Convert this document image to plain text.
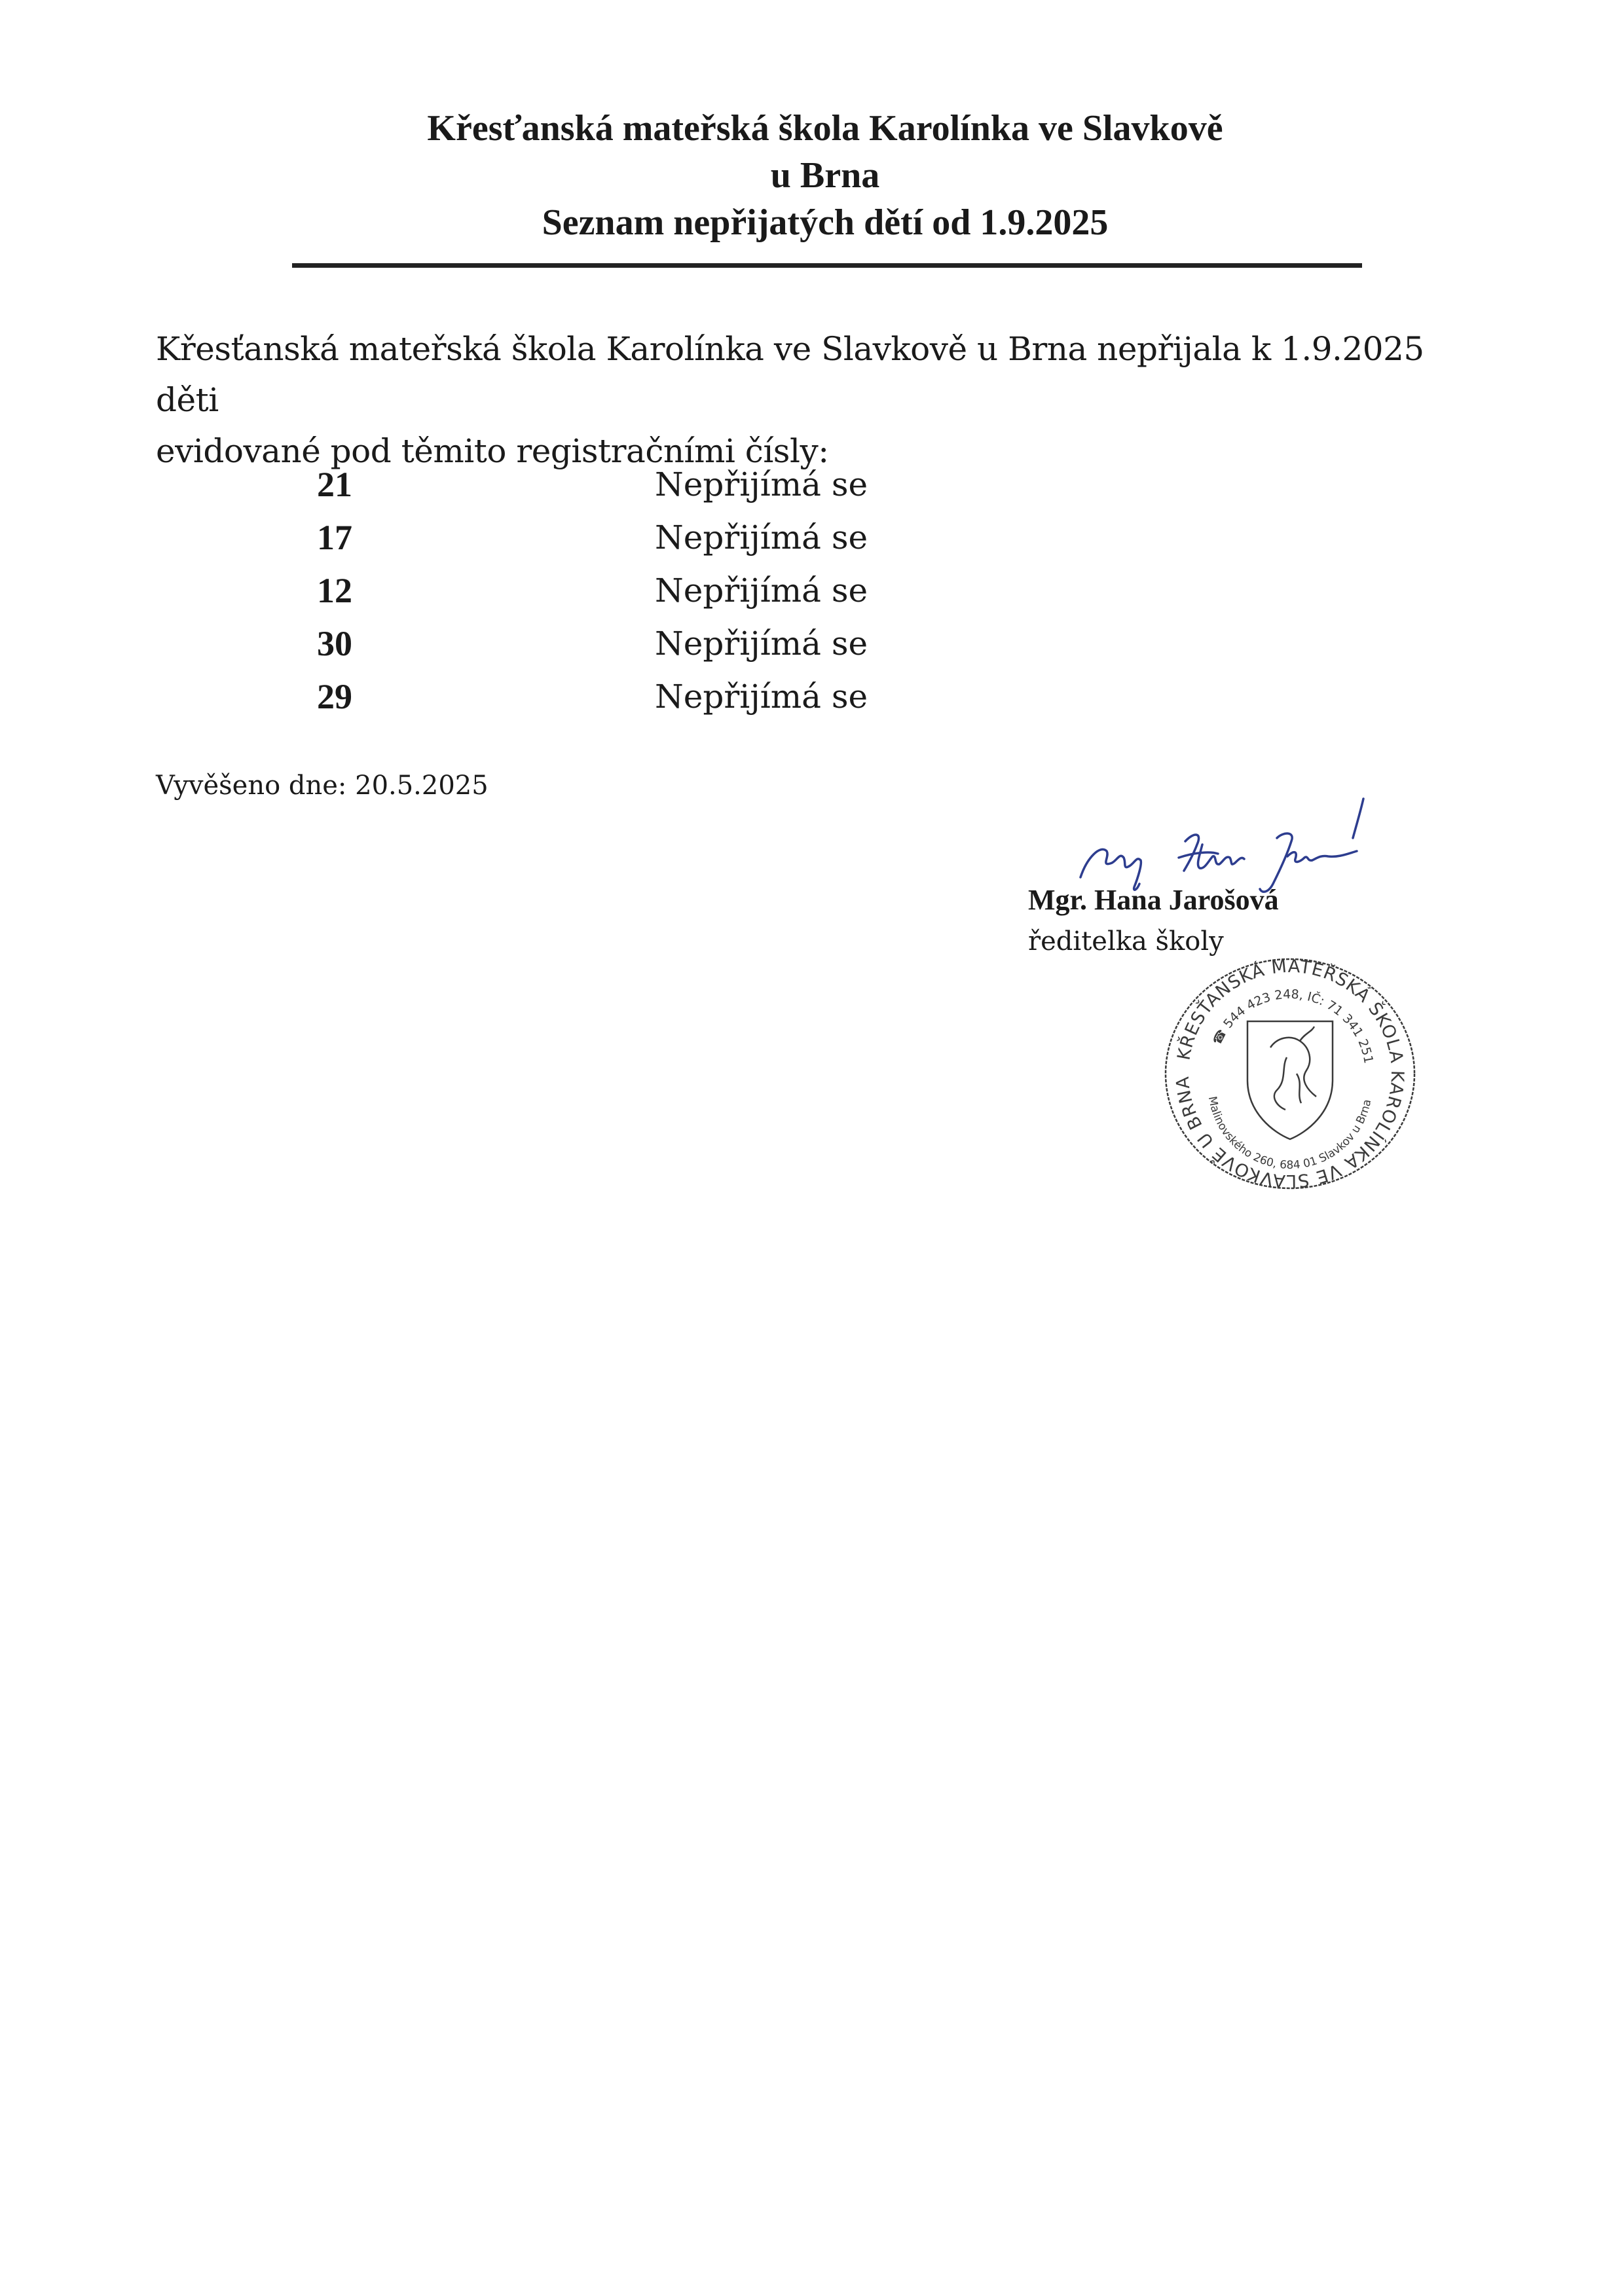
Křesťanská mateřská škola Karolínka ve Slavkově
u Brna
Seznam nepřijatých dětí od 1.9.2025
Křesťanská mateřská škola Karolínka ve Slavkově u Brna nepřijala k 1.9.2025 děti
evidované pod těmito registračními čísly:
21	Nepřijímá se
17	Nepřijímá se
12	Nepřijímá se
30	Nepřijímá se
29	Nepřijímá se
Vyvěšeno dne: 20.5.2025
Mgr. Hana Jarošová
ředitelka školy
KŘESŤANSKÁ MATEŘSKÁ ŠKOLA KAROLÍNKA VE SLAVKOVĚ U BRNA
☎ 544 423 248, IČ: 71 341 251
Malinovského 260, 684 01 Slavkov u Brna
